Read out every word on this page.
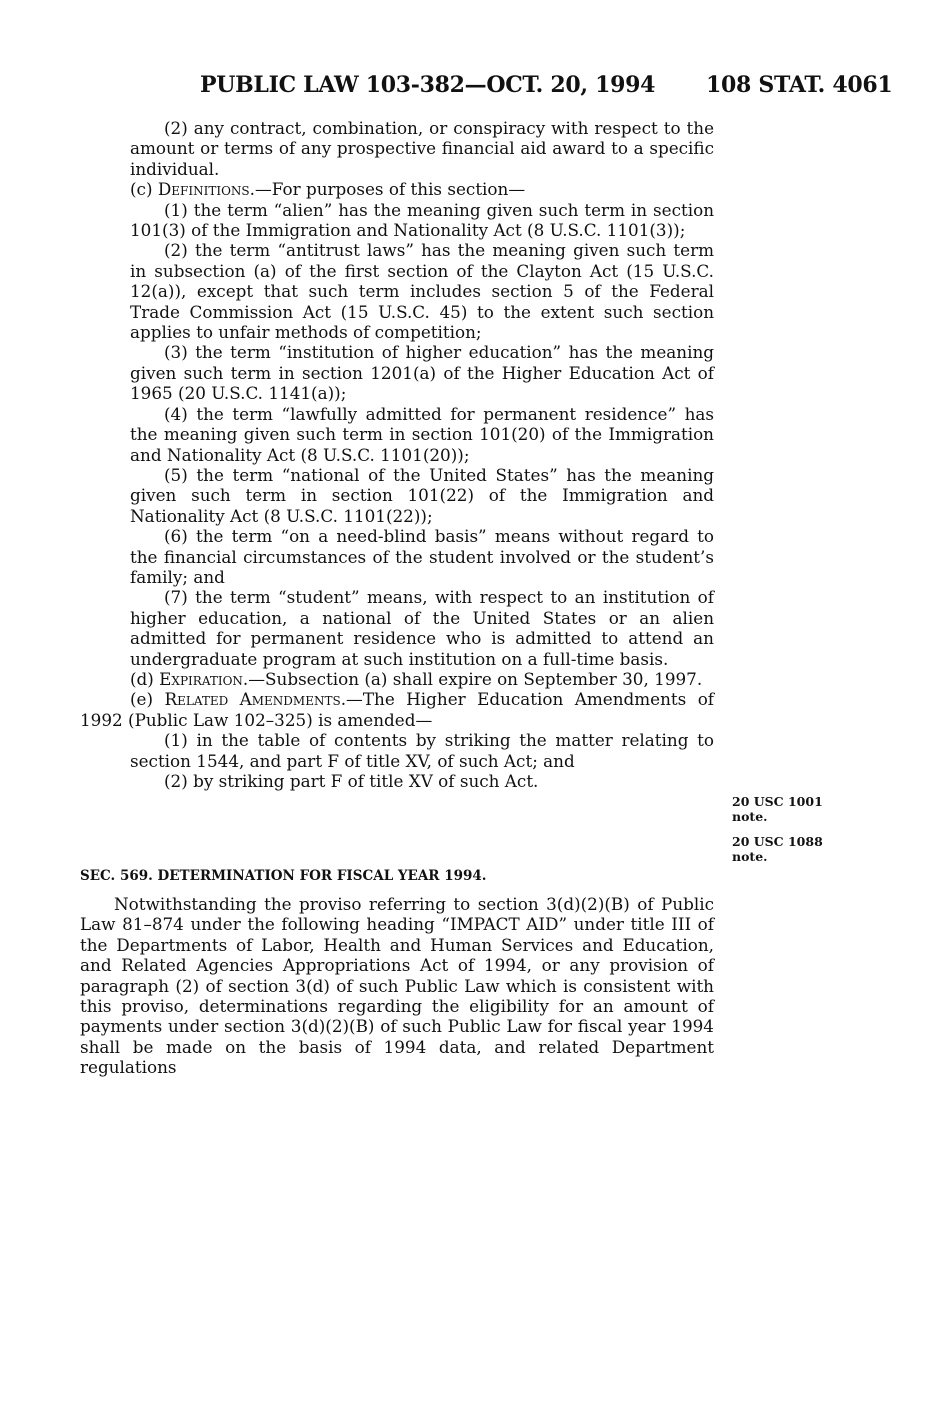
PUBLIC LAW 103-382—OCT. 20, 1994 108 STAT. 4061

(2) any contract, combination, or conspiracy with respect to the amount or terms of any prospective financial aid award to a specific individual.

(c) Definitions.—For purposes of this section—

(1) the term “alien” has the meaning given such term in section 101(3) of the Immigration and Nationality Act (8 U.S.C. 1101(3));

(2) the term “antitrust laws” has the meaning given such term in subsection (a) of the first section of the Clayton Act (15 U.S.C. 12(a)), except that such term includes section 5 of the Federal Trade Commission Act (15 U.S.C. 45) to the extent such section applies to unfair methods of competition;

(3) the term “institution of higher education” has the meaning given such term in section 1201(a) of the Higher Education Act of 1965 (20 U.S.C. 1141(a));

(4) the term “lawfully admitted for permanent residence” has the meaning given such term in section 101(20) of the Immigration and Nationality Act (8 U.S.C. 1101(20));

(5) the term “national of the United States” has the meaning given such term in section 101(22) of the Immigration and Nationality Act (8 U.S.C. 1101(22));

(6) the term “on a need-blind basis” means without regard to the financial circumstances of the student involved or the student’s family; and

(7) the term “student” means, with respect to an institution of higher education, a national of the United States or an alien admitted for permanent residence who is admitted to attend an undergraduate program at such institution on a full-time basis.

(d) Expiration.—Subsection (a) shall expire on September 30, 1997.

(e) Related Amendments.—The Higher Education Amendments of 1992 (Public Law 102–325) is amended—

(1) in the table of contents by striking the matter relating to section 1544, and part F of title XV, of such Act; and

(2) by striking part F of title XV of such Act.

20 USC 1001
note.
20 USC 1088
note.
SEC. 569. DETERMINATION FOR FISCAL YEAR 1994.

Notwithstanding the proviso referring to section 3(d)(2)(B) of Public Law 81–874 under the following heading “IMPACT AID” under title III of the Departments of Labor, Health and Human Services and Education, and Related Agencies Appropriations Act of 1994, or any provision of paragraph (2) of section 3(d) of such Public Law which is consistent with this proviso, determinations regarding the eligibility for an amount of payments under section 3(d)(2)(B) of such Public Law for fiscal year 1994 shall be made on the basis of 1994 data, and related Department regulations
